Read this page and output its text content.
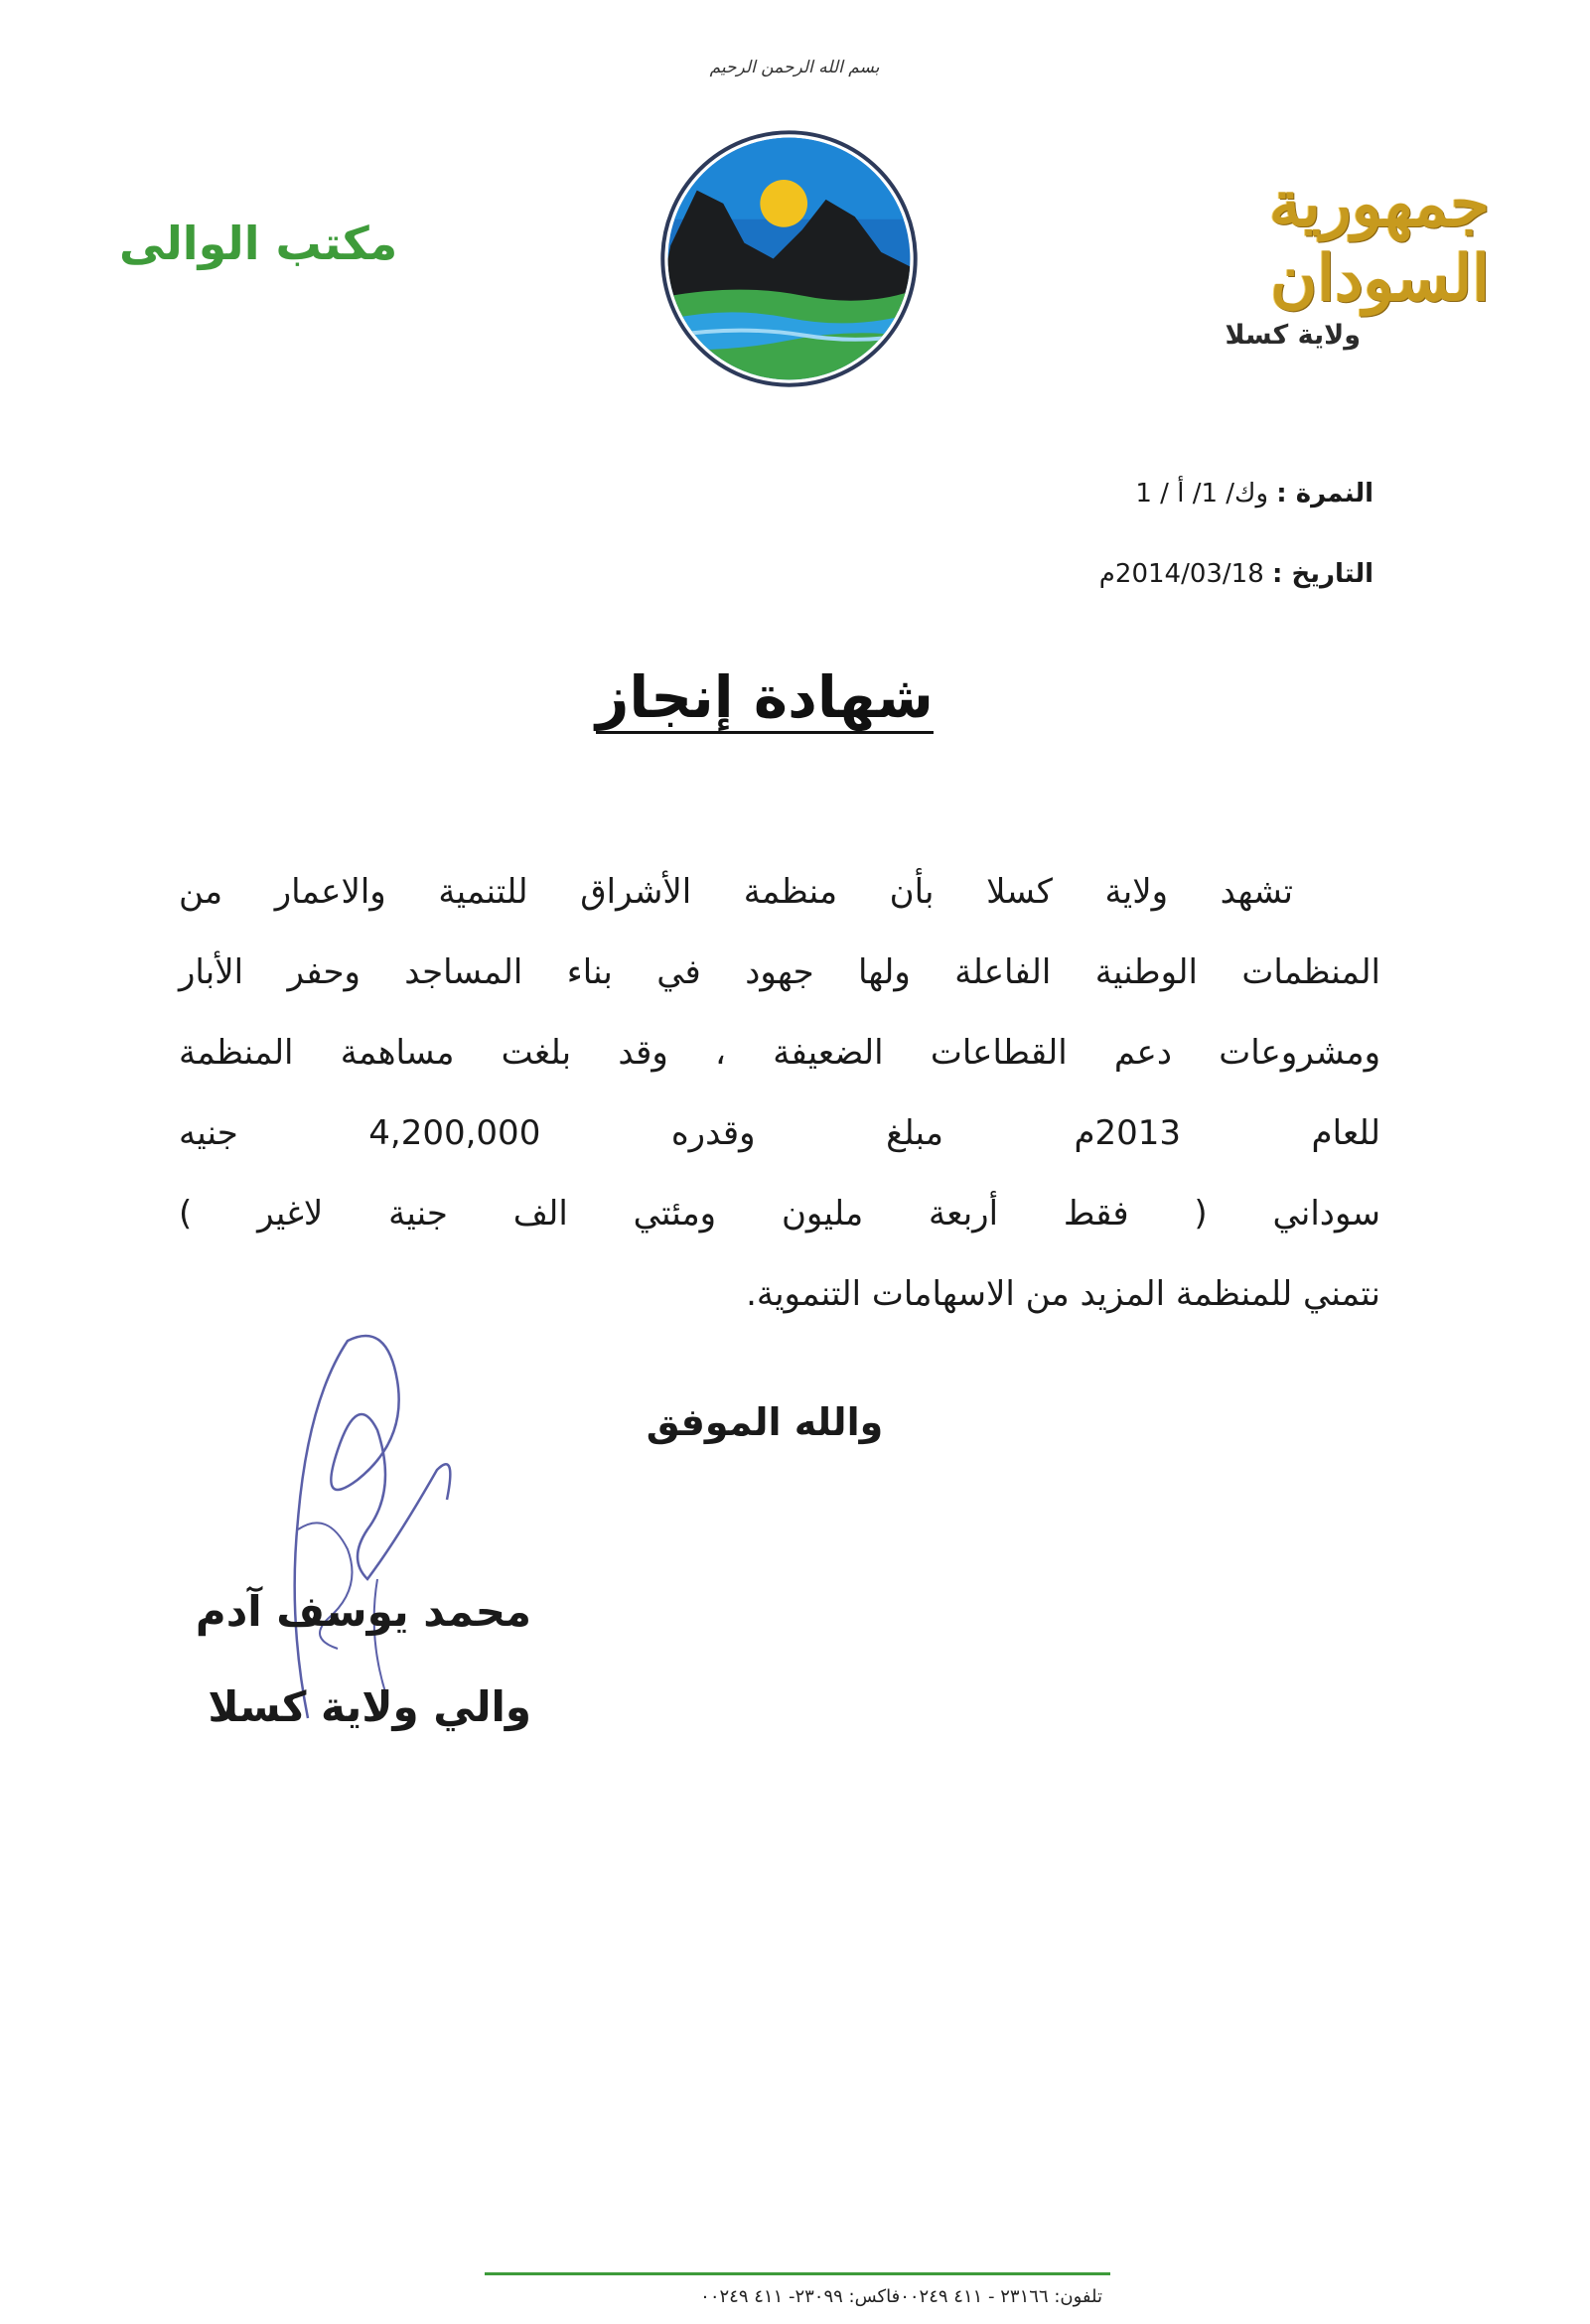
بسم الله الرحمن الرحيم
مكتب الوالى
جمهورية السودان
ولاية كسلا
النمرة : وك/ 1/ أ / 1
التاريخ : 2014/03/18م
شهادة إنجاز

تشهد ولاية كسلا بأن منظمة الأشراق للتنمية والاعمار من

المنظمات الوطنية الفاعلة ولها جهود في بناء المساجد وحفر الأبار

ومشروعات دعم القطاعات الضعيفة ، وقد بلغت مساهمة المنظمة

للعام 2013م مبلغ وقدره 4,200,000 جنيه

سوداني ( فقط أربعة مليون ومئتي الف جنية لاغير )

نتمني للمنظمة المزيد من الاسهامات التنموية.

والله الموفق
محمد يوسف آدم
والي ولاية كسلا
تلفون: ٢٣١٦٦ - ٤١١ ٠٠٢٤٩فاكس: ٢٣٠٩٩- ٤١١ ٠٠٢٤٩
